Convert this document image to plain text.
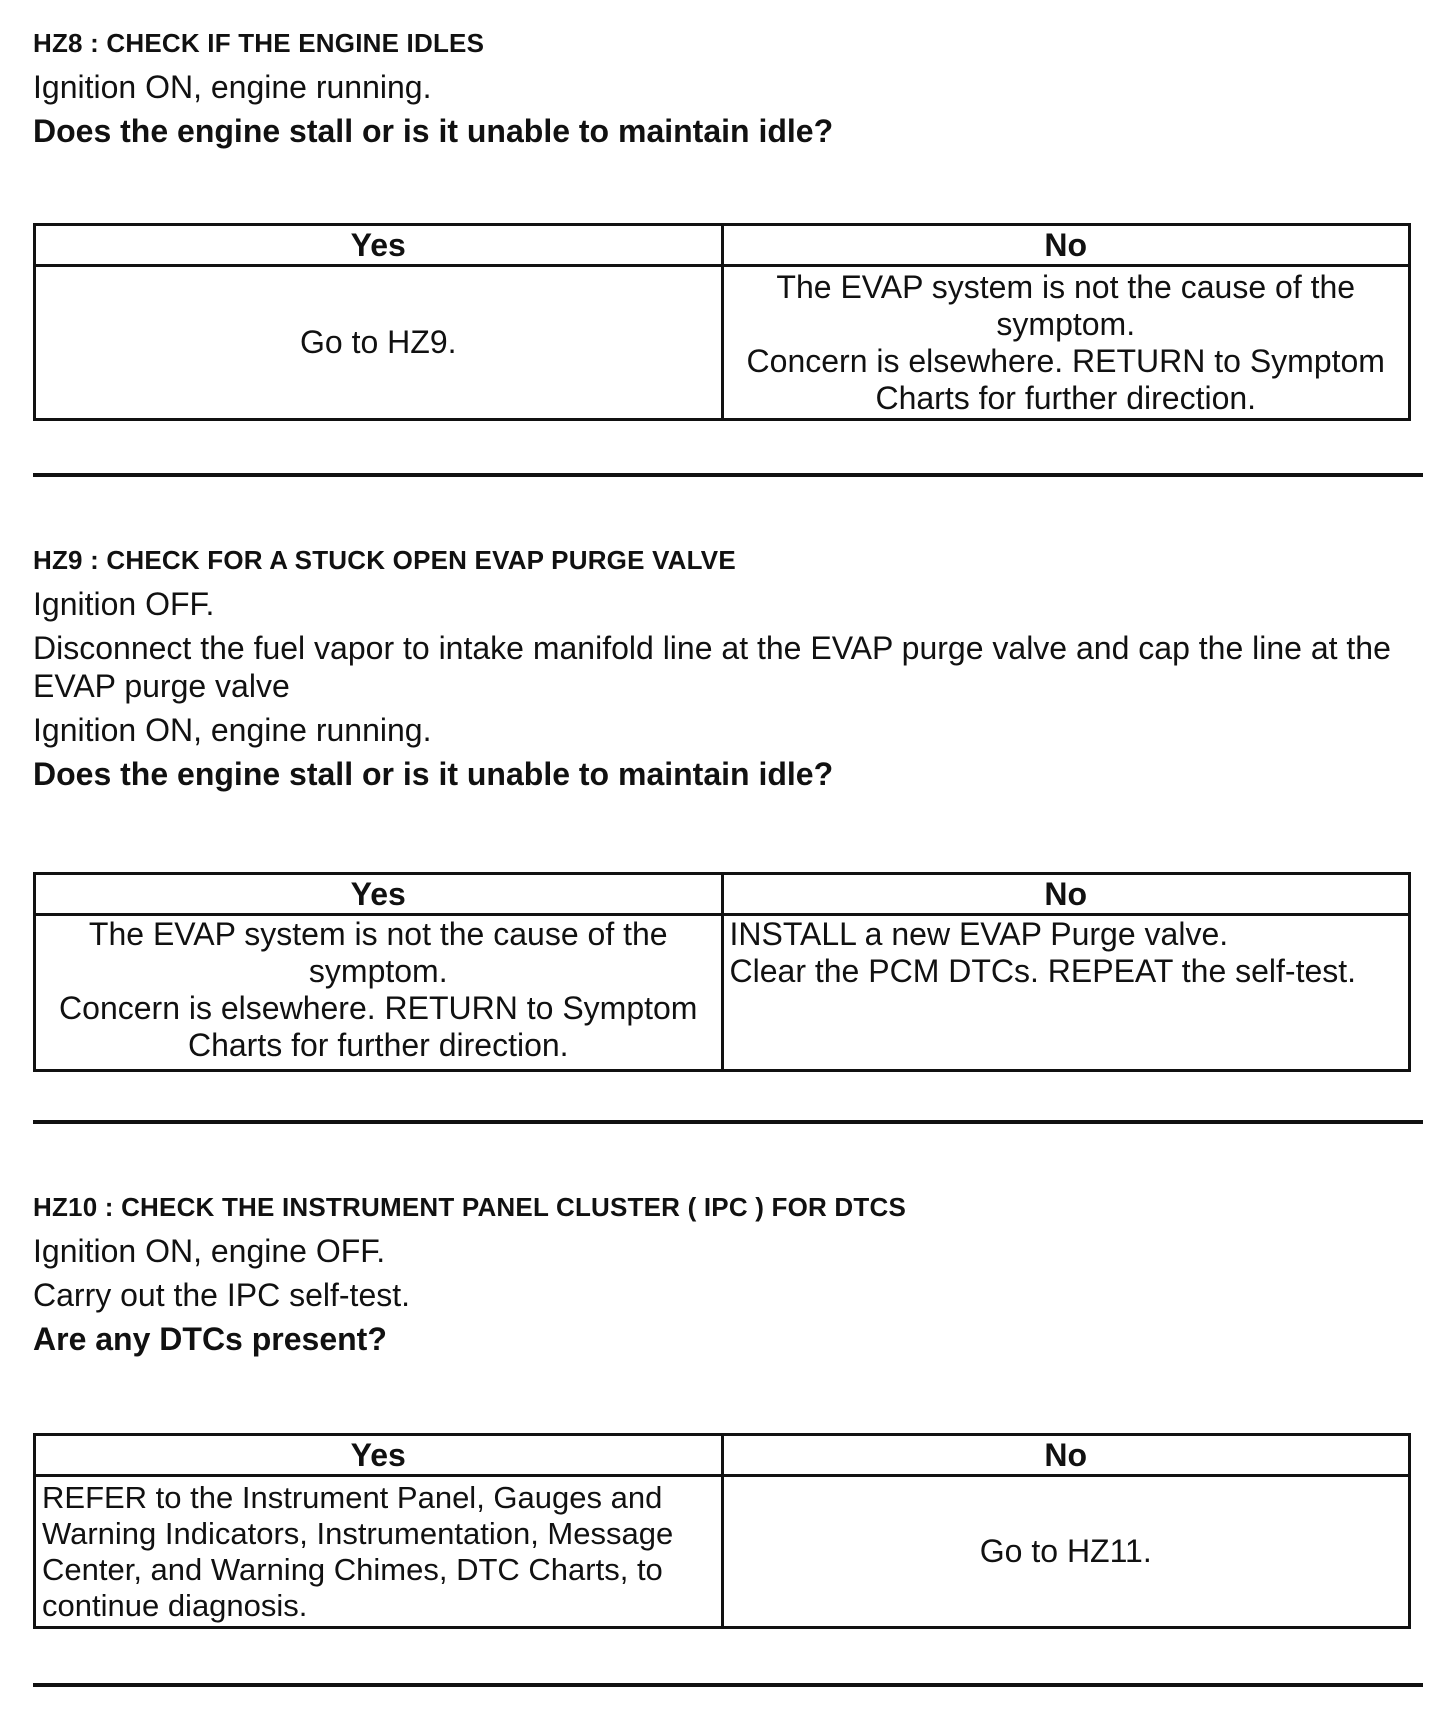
HZ8 : CHECK IF THE ENGINE IDLES

Ignition ON, engine running.

Does the engine stall or is it unable to maintain idle?

Yes	No

Go to HZ9.	The EVAP system is not the cause of the symptom.
Concern is elsewhere. RETURN to Symptom Charts for further direction.
HZ9 : CHECK FOR A STUCK OPEN EVAP PURGE VALVE

Ignition OFF.

Disconnect the fuel vapor to intake manifold line at the EVAP purge valve and cap the line at the EVAP purge valve

Ignition ON, engine running.

Does the engine stall or is it unable to maintain idle?

Yes	No

The EVAP system is not the cause of the symptom.
Concern is elsewhere. RETURN to Symptom Charts for further direction.	INSTALL a new EVAP Purge valve.
Clear the PCM DTCs. REPEAT the self-test.
HZ10 : CHECK THE INSTRUMENT PANEL CLUSTER ( IPC ) FOR DTCS

Ignition ON, engine OFF.

Carry out the IPC self-test.

Are any DTCs present?

Yes	No

REFER to the Instrument Panel, Gauges and Warning Indicators, Instrumentation, Message Center, and Warning Chimes, DTC Charts, to continue diagnosis.	Go to HZ11.
